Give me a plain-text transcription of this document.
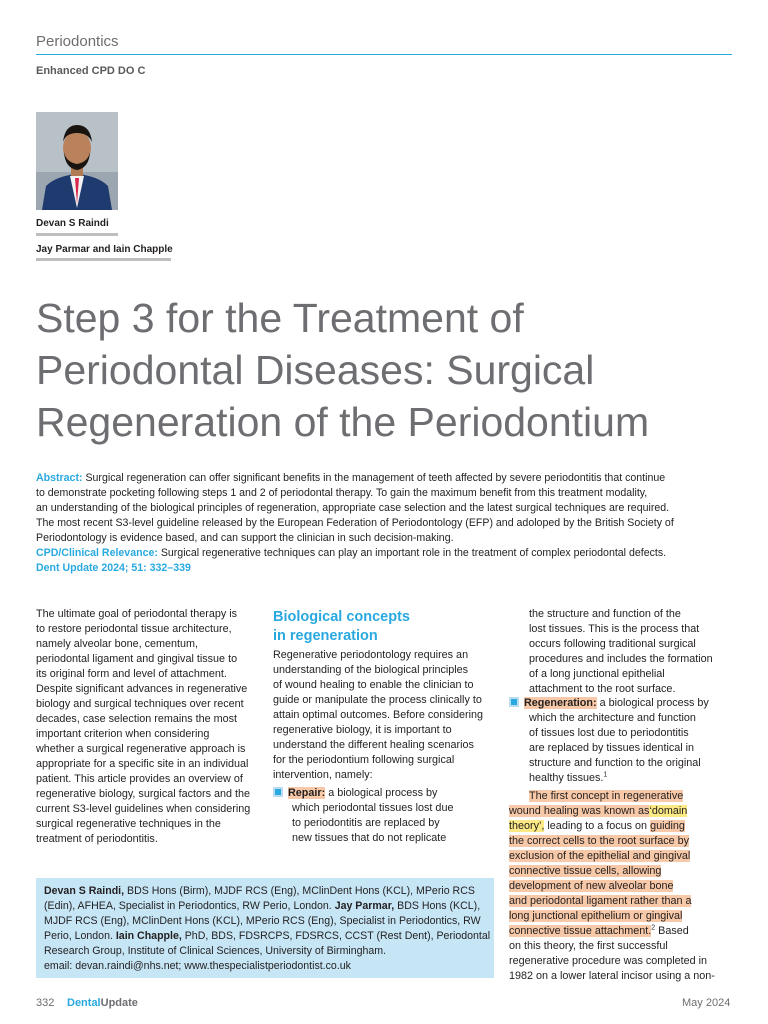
Periodontics
Enhanced CPD DO C
Devan S Raindi
Jay Parmar and Iain Chapple
Step 3 for the Treatment of
Periodontal Diseases: Surgical
Regeneration of the Periodontium
Abstract: Surgical regeneration can offer significant benefits in the management of teeth affected by severe periodontitis that continue
to demonstrate pocketing following steps 1 and 2 of periodontal therapy. To gain the maximum benefit from this treatment modality,
an understanding of the biological principles of regeneration, appropriate case selection and the latest surgical techniques are required.
The most recent S3-level guideline released by the European Federation of Periodontology (EFP) and adoloped by the British Society of
Periodontology is evidence based, and can support the clinician in such decision-making.
CPD/Clinical Relevance: Surgical regenerative techniques can play an important role in the treatment of complex periodontal defects.
Dent Update 2024; 51: 332–339
The ultimate goal of periodontal therapy is
to restore periodontal tissue architecture,
namely alveolar bone, cementum,
periodontal ligament and gingival tissue to
its original form and level of attachment.
Despite significant advances in regenerative
biology and surgical techniques over recent
decades, case selection remains the most
important criterion when considering
whether a surgical regenerative approach is
appropriate for a specific site in an individual
patient. This article provides an overview of
regenerative biology, surgical factors and the
current S3-level guidelines when considering
surgical regenerative techniques in the
treatment of periodontitis.
Biological concepts
in regeneration
Regenerative periodontology requires an
understanding of the biological principles
of wound healing to enable the clinician to
guide or manipulate the process clinically to
attain optimal outcomes. Before considering
regenerative biology, it is important to
understand the different healing scenarios
for the periodontium following surgical
intervention, namely:
Repair: a biological process by
which periodontal tissues lost due
to periodontitis are replaced by
new tissues that do not replicate
the structure and function of the
lost tissues. This is the process that
occurs following traditional surgical
procedures and includes the formation
of a long junctional epithelial
attachment to the root surface.
Regeneration: a biological process by
which the architecture and function
of tissues lost due to periodontitis
are replaced by tissues identical in
structure and function to the original
healthy tissues.$^1$
The first concept in regenerative
wound healing was known as‘domain
theory’, leading to a focus on guiding
the correct cells to the root surface by
exclusion of the epithelial and gingival
connective tissue cells, allowing
development of new alveolar bone
and periodontal ligament rather than a
long junctional epithelium or gingival
connective tissue attachment.$^2$ Based
on this theory, the first successful
regenerative procedure was completed in
1982 on a lower lateral incisor using a non-
Devan S Raindi, BDS Hons (Birm), MJDF RCS (Eng), MClinDent Hons (KCL), MPerio RCS
(Edin), AFHEA, Specialist in Periodontics, RW Perio, London. Jay Parmar, BDS Hons (KCL),
MJDF RCS (Eng), MClinDent Hons (KCL), MPerio RCS (Eng), Specialist in Periodontics, RW
Perio, London. Iain Chapple, PhD, BDS, FDSRCPS, FDSRCS, CCST (Rest Dent), Periodontal
Research Group, Institute of Clinical Sciences, University of Birmingham.
email: devan.raindi@nhs.net; www.thespecialistperiodontist.co.uk
332 DentalUpdate	May 2024
